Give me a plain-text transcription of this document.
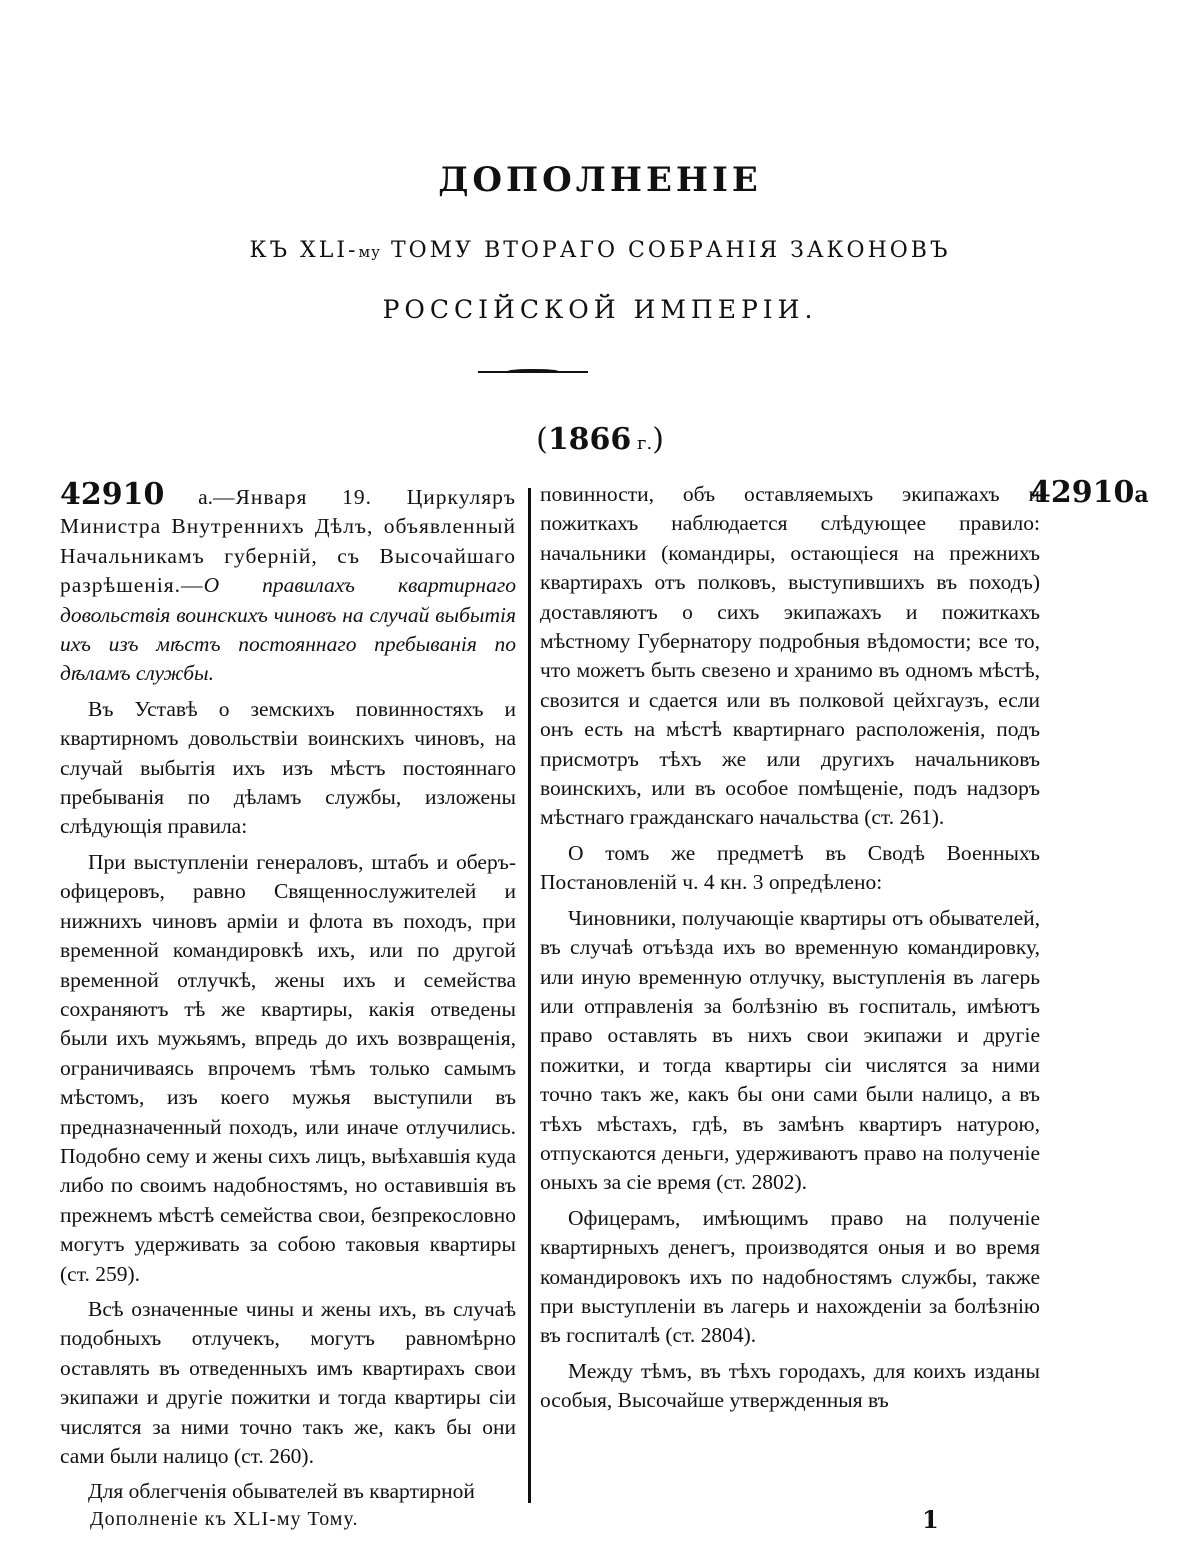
ДОПОЛНЕНIЕ
КЪ XLI-му ТОМУ ВТОРАГО СОБРАНIЯ ЗАКОНОВЪ
РОССIЙСКОЙ ИМПЕРIИ.
(1866 г.)

42910 а.—Января 19. Циркуляръ Министра Внутреннихъ Дѣлъ, объявленный Начальникамъ губернiй, съ Высочайшаго разрѣшенiя.—О правилахъ квартирнаго довольствiя воинскихъ чиновъ на случай выбытiя ихъ изъ мѣстъ постояннаго пребыванiя по дѣламъ службы.

Въ Уставѣ о земскихъ повинностяхъ и квартирномъ довольствiи воинскихъ чиновъ, на случай выбытiя ихъ изъ мѣстъ постояннаго пребыванiя по дѣламъ службы, изложены слѣдующiя правила:

При выступленiи генераловъ, штабъ и оберъ-офицеровъ, равно Священнослужителей и нижнихъ чиновъ армiи и флота въ походъ, при временной командировкѣ ихъ, или по другой временной отлучкѣ, жены ихъ и семейства сохраняютъ тѣ же квартиры, какiя отведены были ихъ мужьямъ, впредь до ихъ возвращенiя, ограничиваясь впрочемъ тѣмъ только самымъ мѣстомъ, изъ коего мужья выступили въ предназначенный походъ, или иначе отлучились. Подобно сему и жены сихъ лицъ, выѣхавшiя куда либо по своимъ надобностямъ, но оставившiя въ прежнемъ мѣстѣ семейства свои, безпрекословно могутъ удерживать за собою таковыя квартиры (ст. 259).

Всѣ означенные чины и жены ихъ, въ случаѣ подобныхъ отлучекъ, могутъ равномѣрно оставлять въ отведенныхъ имъ квартирахъ свои экипажи и другiе пожитки и тогда квартиры сiи числятся за ними точно такъ же, какъ бы они сами были налицо (ст. 260).

Для облегченiя обывателей въ квартирной

повинности, объ оставляемыхъ экипажахъ и пожиткахъ наблюдается слѣдующее правило: начальники (командиры, остающiеся на прежнихъ квартирахъ отъ полковъ, выступившихъ въ походъ) доставляютъ о сихъ экипажахъ и пожиткахъ мѣстному Губернатору подробныя вѣдомости; все то, что можетъ быть свезено и хранимо въ одномъ мѣстѣ, свозится и сдается или въ полковой цейхгаузъ, если онъ есть на мѣстѣ квартирнаго расположенiя, подъ присмотръ тѣхъ же или другихъ начальниковъ воинскихъ, или въ особое помѣщенiе, подъ надзоръ мѣстнаго гражданскаго начальства (ст. 261).

О томъ же предметѣ въ Сводѣ Военныхъ Постановленiй ч. 4 кн. 3 опредѣлено:

Чиновники, получающiе квартиры отъ обывателей, въ случаѣ отъѣзда ихъ во временную командировку, или иную временную отлучку, выступленiя въ лагерь или отправленiя за болѣзнiю въ госпиталь, имѣютъ право оставлять въ нихъ свои экипажи и другiе пожитки, и тогда квартиры сiи числятся за ними точно такъ же, какъ бы они сами были налицо, а въ тѣхъ мѣстахъ, гдѣ, въ замѣнъ квартиръ натурою, отпускаются деньги, удерживаютъ право на полученiе оныхъ за сiе время (ст. 2802).

Офицерамъ, имѣющимъ право на полученiе квартирныхъ денегъ, производятся оныя и во время командировокъ ихъ по надобностямъ службы, также при выступленiи въ лагерь и нахожденiи за болѣзнiю въ госпиталѣ (ст. 2804).

Между тѣмъ, въ тѣхъ городахъ, для коихъ изданы особыя, Высочайше утвержденныя въ

42910а
Дополненiе къ XLI-му Тому.	1
